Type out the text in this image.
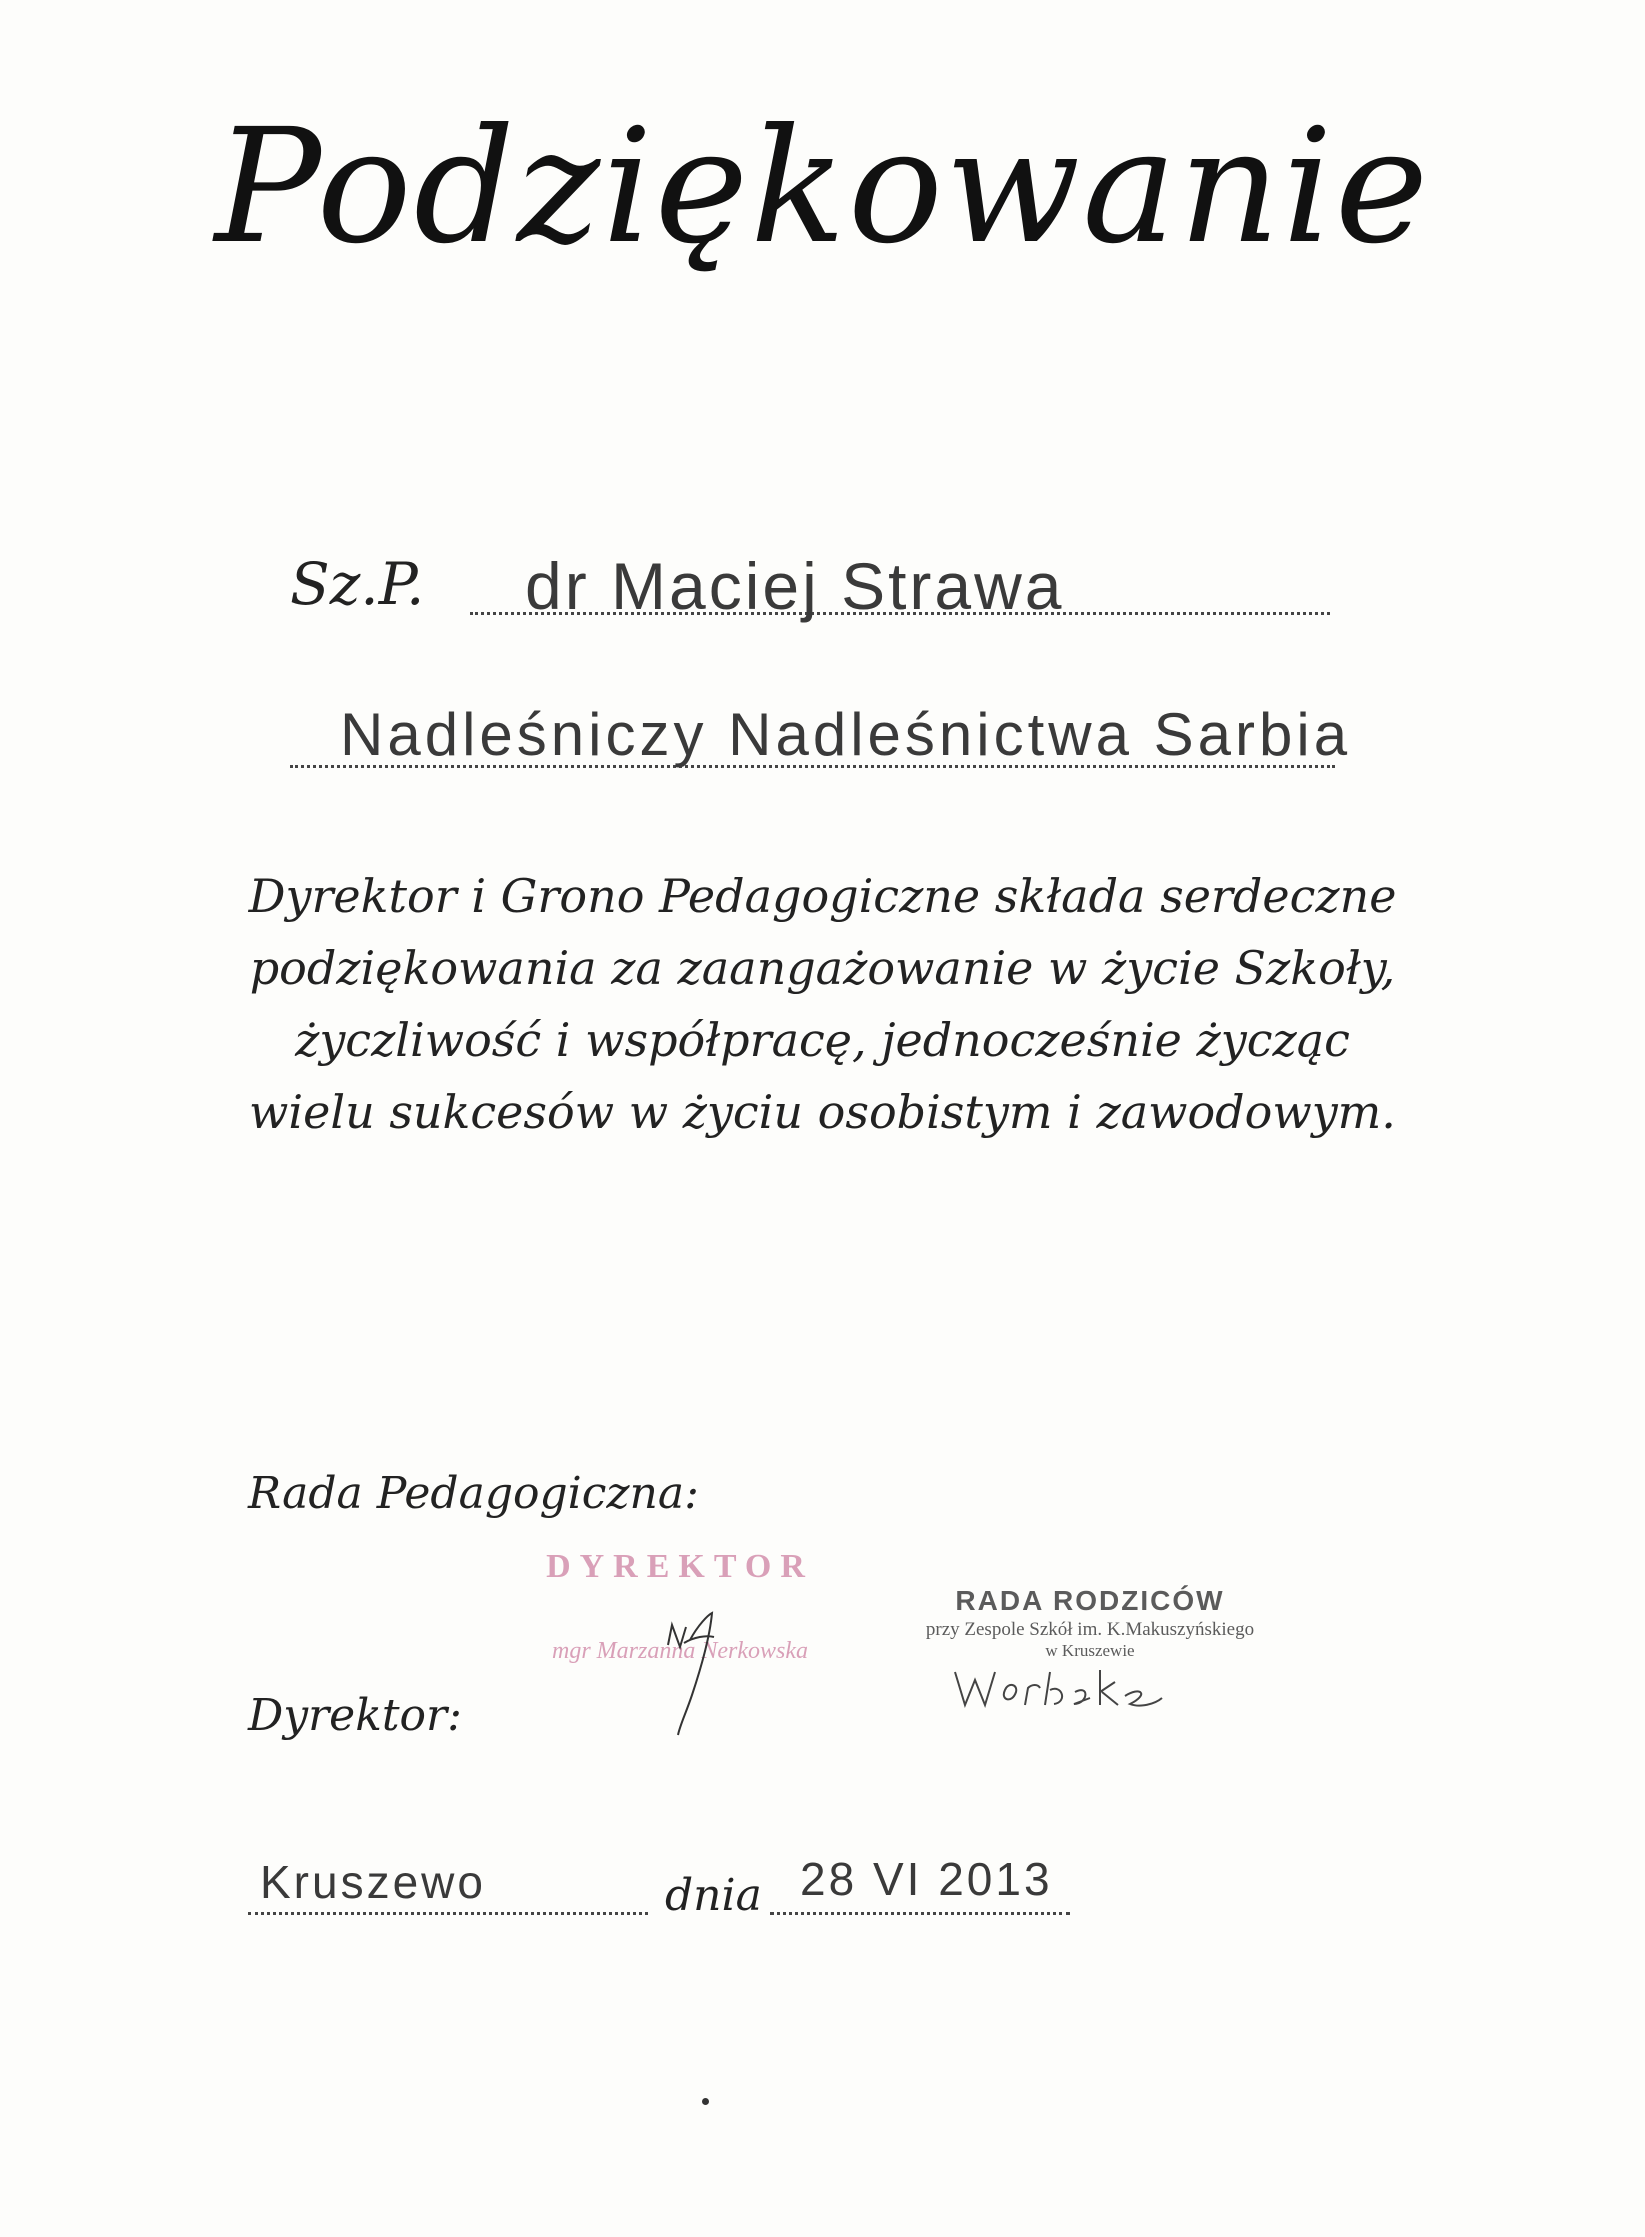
Podziękowanie
Sz.P. dr Maciej Strawa
Nadleśniczy Nadleśnictwa Sarbia
Dyrektor i Grono Pedagogiczne składa serdeczne
podziękowania za zaangażowanie w życie Szkoły,
życzliwość i współpracę, jednocześnie życząc
wielu sukcesów w życiu osobistym i zawodowym.
Rada Pedagogiczna:
DYREKTOR
mgr Marzanna Nerkowska
RADA RODZICÓW
przy Zespole Szkół im. K.Makuszyńskiego
w Kruszewie
Dyrektor:
Kruszewo	dnia 28 VI 2013
